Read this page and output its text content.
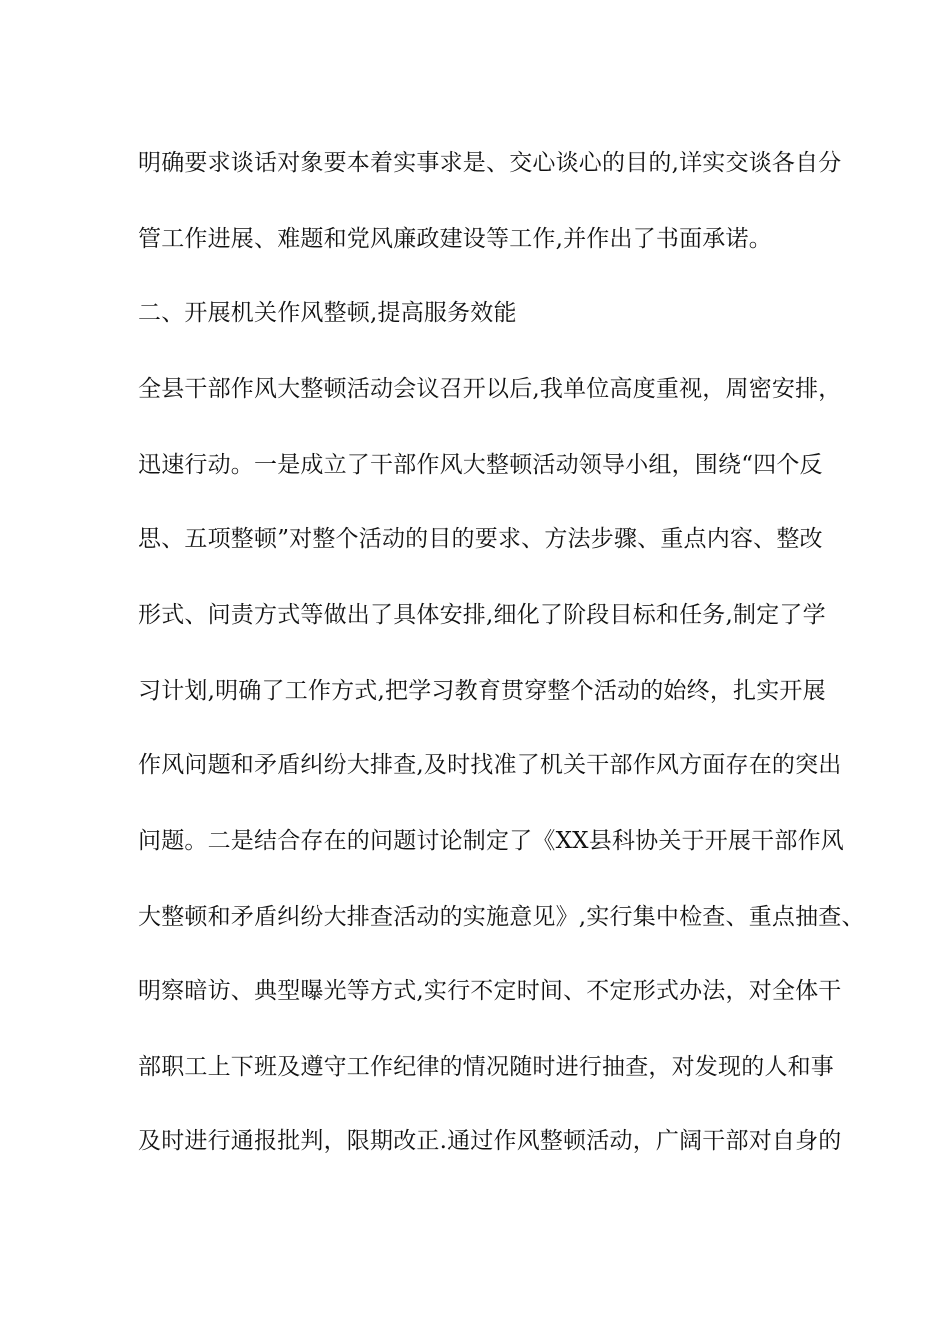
明确要求谈话对象要本着实事求是、交心谈心的目的,详实交谈各自分
管工作进展、难题和党风廉政建设等工作,并作出了书面承诺。
二、开展机关作风整顿,提高服务效能
全县干部作风大整顿活动会议召开以后,我单位高度重视，周密安排，
迅速行动。一是成立了干部作风大整顿活动领导小组，围绕“四个反
思、五项整顿”对整个活动的目的要求、方法步骤、重点内容、整改
形式、问责方式等做出了具体安排,细化了阶段目标和任务,制定了学
习计划,明确了工作方式,把学习教育贯穿整个活动的始终，扎实开展
作风问题和矛盾纠纷大排查,及时找准了机关干部作风方面存在的突出
问题。二是结合存在的问题讨论制定了《XX县科协关于开展干部作风
大整顿和矛盾纠纷大排查活动的实施意见》,实行集中检查、重点抽查、
明察暗访、典型曝光等方式,实行不定时间、不定形式办法，对全体干
部职工上下班及遵守工作纪律的情况随时进行抽查，对发现的人和事
及时进行通报批判，限期改正.通过作风整顿活动，广阔干部对自身的
